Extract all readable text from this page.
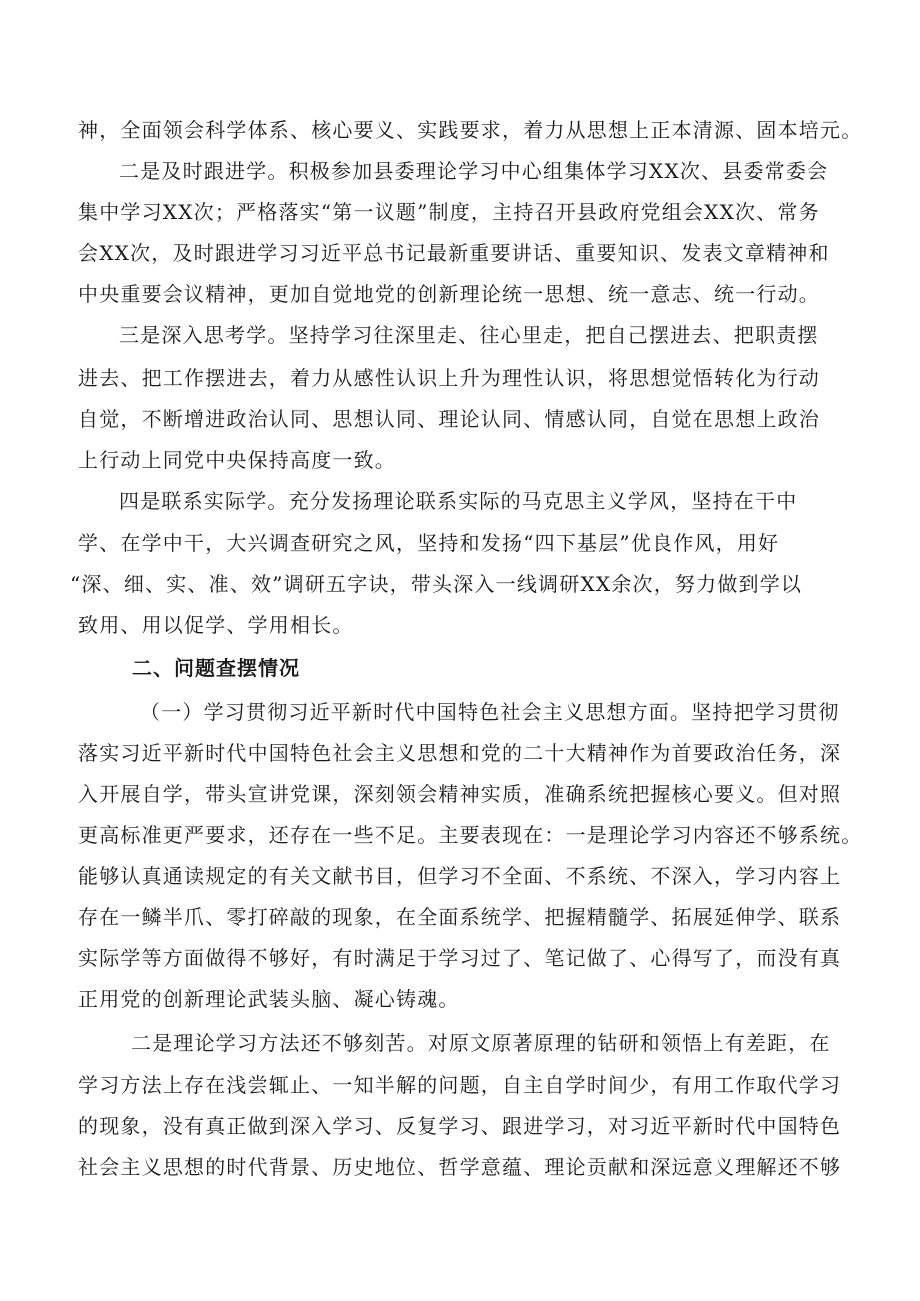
神，全面领会科学体系、核心要义、实践要求，着力从思想上正本清源、固本培元。
二是及时跟进学。积极参加县委理论学习中心组集体学习XX次、县委常委会
集中学习XX次；严格落实“第一议题”制度，主持召开县政府党组会XX次、常务
会XX次，及时跟进学习习近平总书记最新重要讲话、重要知识、发表文章精神和
中央重要会议精神，更加自觉地党的创新理论统一思想、统一意志、统一行动。
三是深入思考学。坚持学习往深里走、往心里走，把自己摆进去、把职责摆
进去、把工作摆进去，着力从感性认识上升为理性认识，将思想觉悟转化为行动
自觉，不断增进政治认同、思想认同、理论认同、情感认同，自觉在思想上政治
上行动上同党中央保持高度一致。
四是联系实际学。充分发扬理论联系实际的马克思主义学风，坚持在干中
学、在学中干，大兴调查研究之风，坚持和发扬“四下基层”优良作风，用好
“深、细、实、准、效”调研五字诀，带头深入一线调研XX余次，努力做到学以
致用、用以促学、学用相长。
二、问题查摆情况
（一）学习贯彻习近平新时代中国特色社会主义思想方面。坚持把学习贯彻
落实习近平新时代中国特色社会主义思想和党的二十大精神作为首要政治任务，深
入开展自学，带头宣讲党课，深刻领会精神实质，准确系统把握核心要义。但对照
更高标准更严要求，还存在一些不足。主要表现在：一是理论学习内容还不够系统。
能够认真通读规定的有关文献书目，但学习不全面、不系统、不深入，学习内容上
存在一鳞半爪、零打碎敲的现象，在全面系统学、把握精髓学、拓展延伸学、联系
实际学等方面做得不够好，有时满足于学习过了、笔记做了、心得写了，而没有真
正用党的创新理论武装头脑、凝心铸魂。
二是理论学习方法还不够刻苦。对原文原著原理的钻研和领悟上有差距，在
学习方法上存在浅尝辄止、一知半解的问题，自主自学时间少，有用工作取代学习
的现象，没有真正做到深入学习、反复学习、跟进学习，对习近平新时代中国特色
社会主义思想的时代背景、历史地位、哲学意蕴、理论贡献和深远意义理解还不够
